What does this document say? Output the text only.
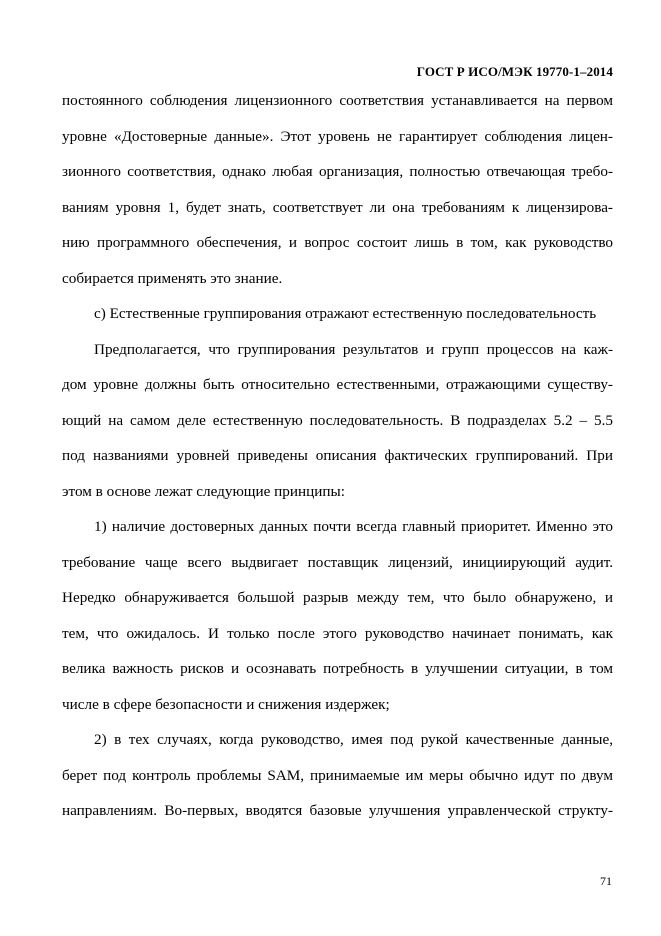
ГОСТ Р ИСО/МЭК 19770-1–2014
постоянного соблюдения лицензионного соответствия устанавливается на первом
уровне «Достоверные данные». Этот уровень не гарантирует соблюдения лицен-
зионного соответствия, однако любая организация, полностью отвечающая требо-
ваниям уровня 1, будет знать, соответствует ли она требованиям к лицензирова-
нию программного обеспечения, и вопрос состоит лишь в том, как руководство
собирается применять это знание.
c) Естественные группирования отражают естественную последовательность
Предполагается, что группирования результатов и групп процессов на каж-
дом уровне должны быть относительно естественными, отражающими существу-
ющий на самом деле естественную последовательность. В подразделах 5.2 – 5.5
под названиями уровней приведены описания фактических группирований. При
этом в основе лежат следующие принципы:
1) наличие достоверных данных почти всегда главный приоритет. Именно это
требование чаще всего выдвигает поставщик лицензий, инициирующий аудит.
Нередко обнаруживается большой разрыв между тем, что было обнаружено, и
тем, что ожидалось. И только после этого руководство начинает понимать, как
велика важность рисков и осознавать потребность в улучшении ситуации, в том
числе в сфере безопасности и снижения издержек;
2) в тех случаях, когда руководство, имея под рукой качественные данные,
берет под контроль проблемы SAM, принимаемые им меры обычно идут по двум
направлениям. Во-первых, вводятся базовые улучшения управленческой структу-
71
